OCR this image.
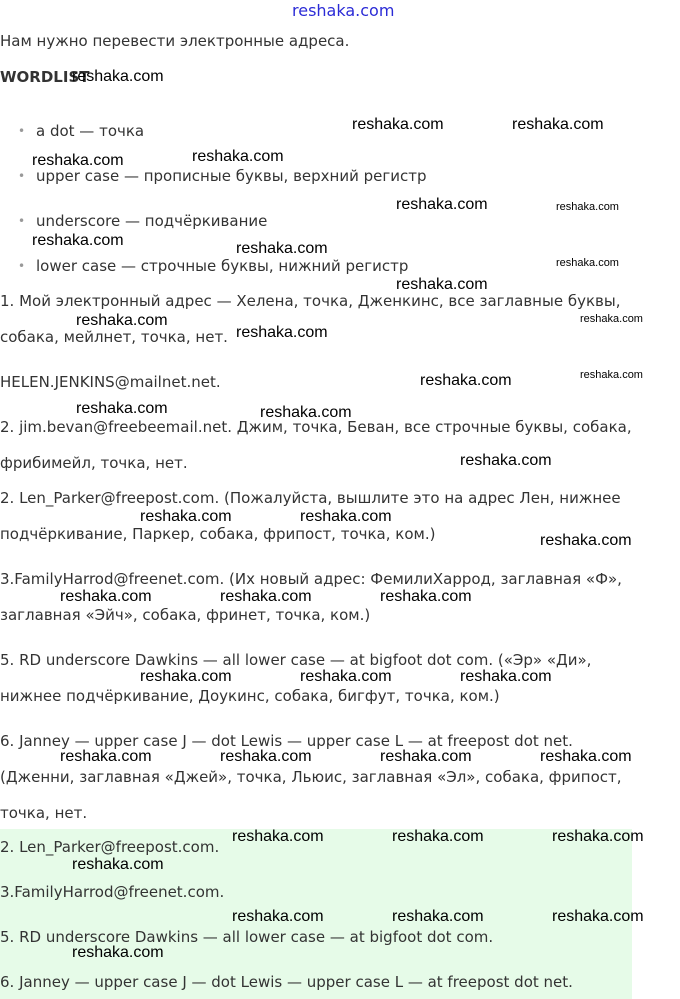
reshaka.com
Нам нужно перевести электронные адреса.
WORDLIST
reshaka.com
• a dot — точка
• upper case — прописные буквы, верхний регистр
• underscore — подчёркивание
• lower case — строчные буквы, нижний регистр
1. Мой электронный адрес — Хелена, точка, Дженкинс, все заглавные буквы,
собака, мейлнет, точка, нет.
HELEN.JENKINS@mailnet.net.
2. jim.bevan@freebeemail.net. Джим, точка, Беван, все строчные буквы, собака,
фрибимейл, точка, нет.
2. Len_Parker@freepost.com. (Пожалуйста, вышлите это на адрес Лен, нижнее
подчёркивание, Паркер, собака, фрипост, точка, ком.)
3.FamilyHarrod@freenet.com. (Их новый адрес: ФемилиХаррод, заглавная «Ф»,
заглавная «Эйч», собака, фринет, точка, ком.)
5. RD underscore Dawkins — all lower case — at bigfoot dot com. («Эр» «Ди»,
нижнее подчёркивание, Доукинс, собака, бигфут, точка, ком.)
6. Janney — upper case J — dot Lewis — upper case L — at freepost dot net.
(Дженни, заглавная «Джей», точка, Льюис, заглавная «Эл», собака, фрипост,
точка, нет.
2. Len_Parker@freepost.com.
3.FamilyHarrod@freenet.com.
5. RD underscore Dawkins — all lower case — at bigfoot dot com.
6. Janney — upper case J — dot Lewis — upper case L — at freepost dot net.
reshaka.com	reshaka.com
reshaka.com	reshaka.com
reshaka.com	reshaka.com
reshaka.com	reshaka.com
reshaka.com
reshaka.com
reshaka.com	reshaka.com
reshaka.com
reshaka.com	reshaka.com
reshaka.com	reshaka.com
reshaka.com
reshaka.com	reshaka.com
reshaka.com
reshaka.com	reshaka.com	reshaka.com
reshaka.com	reshaka.com	reshaka.com
reshaka.com	reshaka.com	reshaka.com	reshaka.com
reshaka.com	reshaka.com	reshaka.com
reshaka.com
reshaka.com	reshaka.com	reshaka.com
reshaka.com
